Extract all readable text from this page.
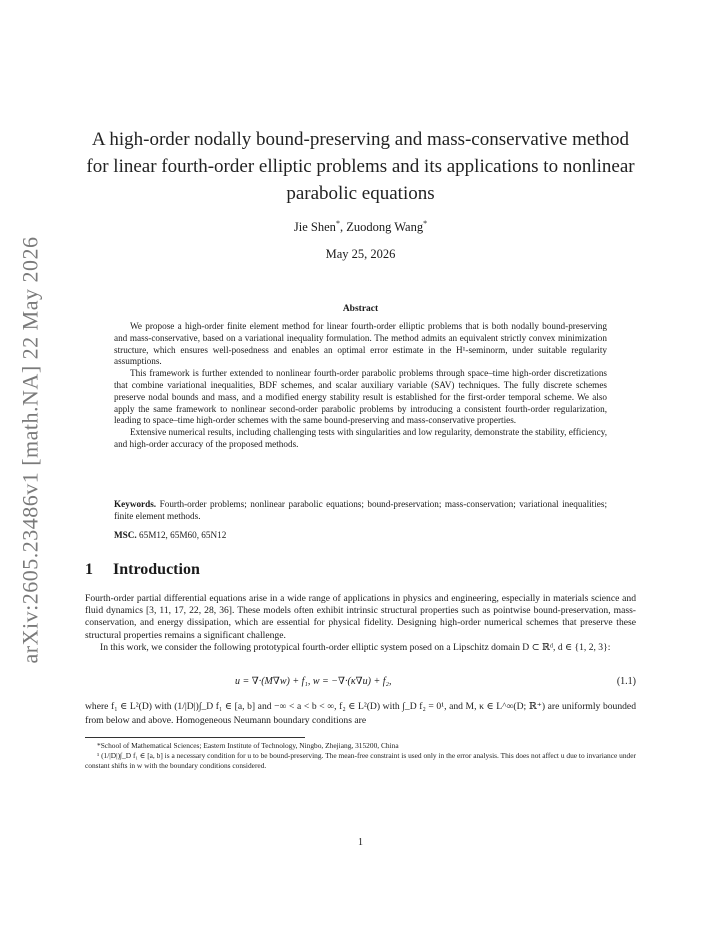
arXiv:2605.23486v1 [math.NA] 22 May 2026
A high-order nodally bound-preserving and mass-conservative method for linear fourth-order elliptic problems and its applications to nonlinear parabolic equations
Jie Shen*, Zuodong Wang*
May 25, 2026
Abstract

We propose a high-order finite element method for linear fourth-order elliptic problems that is both nodally bound-preserving and mass-conservative, based on a variational inequality formulation. The method admits an equivalent strictly convex minimization structure, which ensures well-posedness and enables an optimal error estimate in the H¹-seminorm, under suitable regularity assumptions.

This framework is further extended to nonlinear fourth-order parabolic problems through space–time high-order discretizations that combine variational inequalities, BDF schemes, and scalar auxiliary variable (SAV) techniques. The fully discrete schemes preserve nodal bounds and mass, and a modified energy stability result is established for the first-order temporal scheme. We also apply the same framework to nonlinear second-order parabolic problems by introducing a consistent fourth-order regularization, leading to space–time high-order schemes with the same bound-preserving and mass-conservative properties.

Extensive numerical results, including challenging tests with singularities and low regularity, demonstrate the stability, efficiency, and high-order accuracy of the proposed methods.

Keywords. Fourth-order problems; nonlinear parabolic equations; bound-preservation; mass-conservation; variational inequalities; finite element methods.
MSC. 65M12, 65M60, 65N12
1 Introduction

Fourth-order partial differential equations arise in a wide range of applications in physics and engineering, especially in materials science and fluid dynamics [3, 11, 17, 22, 28, 36]. These models often exhibit intrinsic structural properties such as pointwise bound-preservation, mass-conservation, and energy dissipation, which are essential for physical fidelity. Designing high-order numerical schemes that preserve these structural properties remains a significant challenge.

In this work, we consider the following prototypical fourth-order elliptic system posed on a Lipschitz domain D ⊂ ℝᵈ, d ∈ {1, 2, 3}:

u = ∇·(M∇w) + f₁, w = −∇·(κ∇u) + f₂,	(1.1)
where f₁ ∈ L²(D) with (1/|D|)∫_D f₁ ∈ [a, b] and −∞ < a < b < ∞, f₂ ∈ L²(D) with ∫_D f₂ = 0¹, and M, κ ∈ L^∞(D; ℝ⁺) are uniformly bounded from below and above. Homogeneous Neumann boundary conditions are

*School of Mathematical Sciences; Eastern Institute of Technology, Ningbo, Zhejiang, 315200, China

¹ (1/|D|)∫_D f₁ ∈ [a, b] is a necessary condition for u to be bound-preserving. The mean-free constraint is used only in the error analysis. This does not affect u due to invariance under constant shifts in w with the boundary conditions considered.

1
